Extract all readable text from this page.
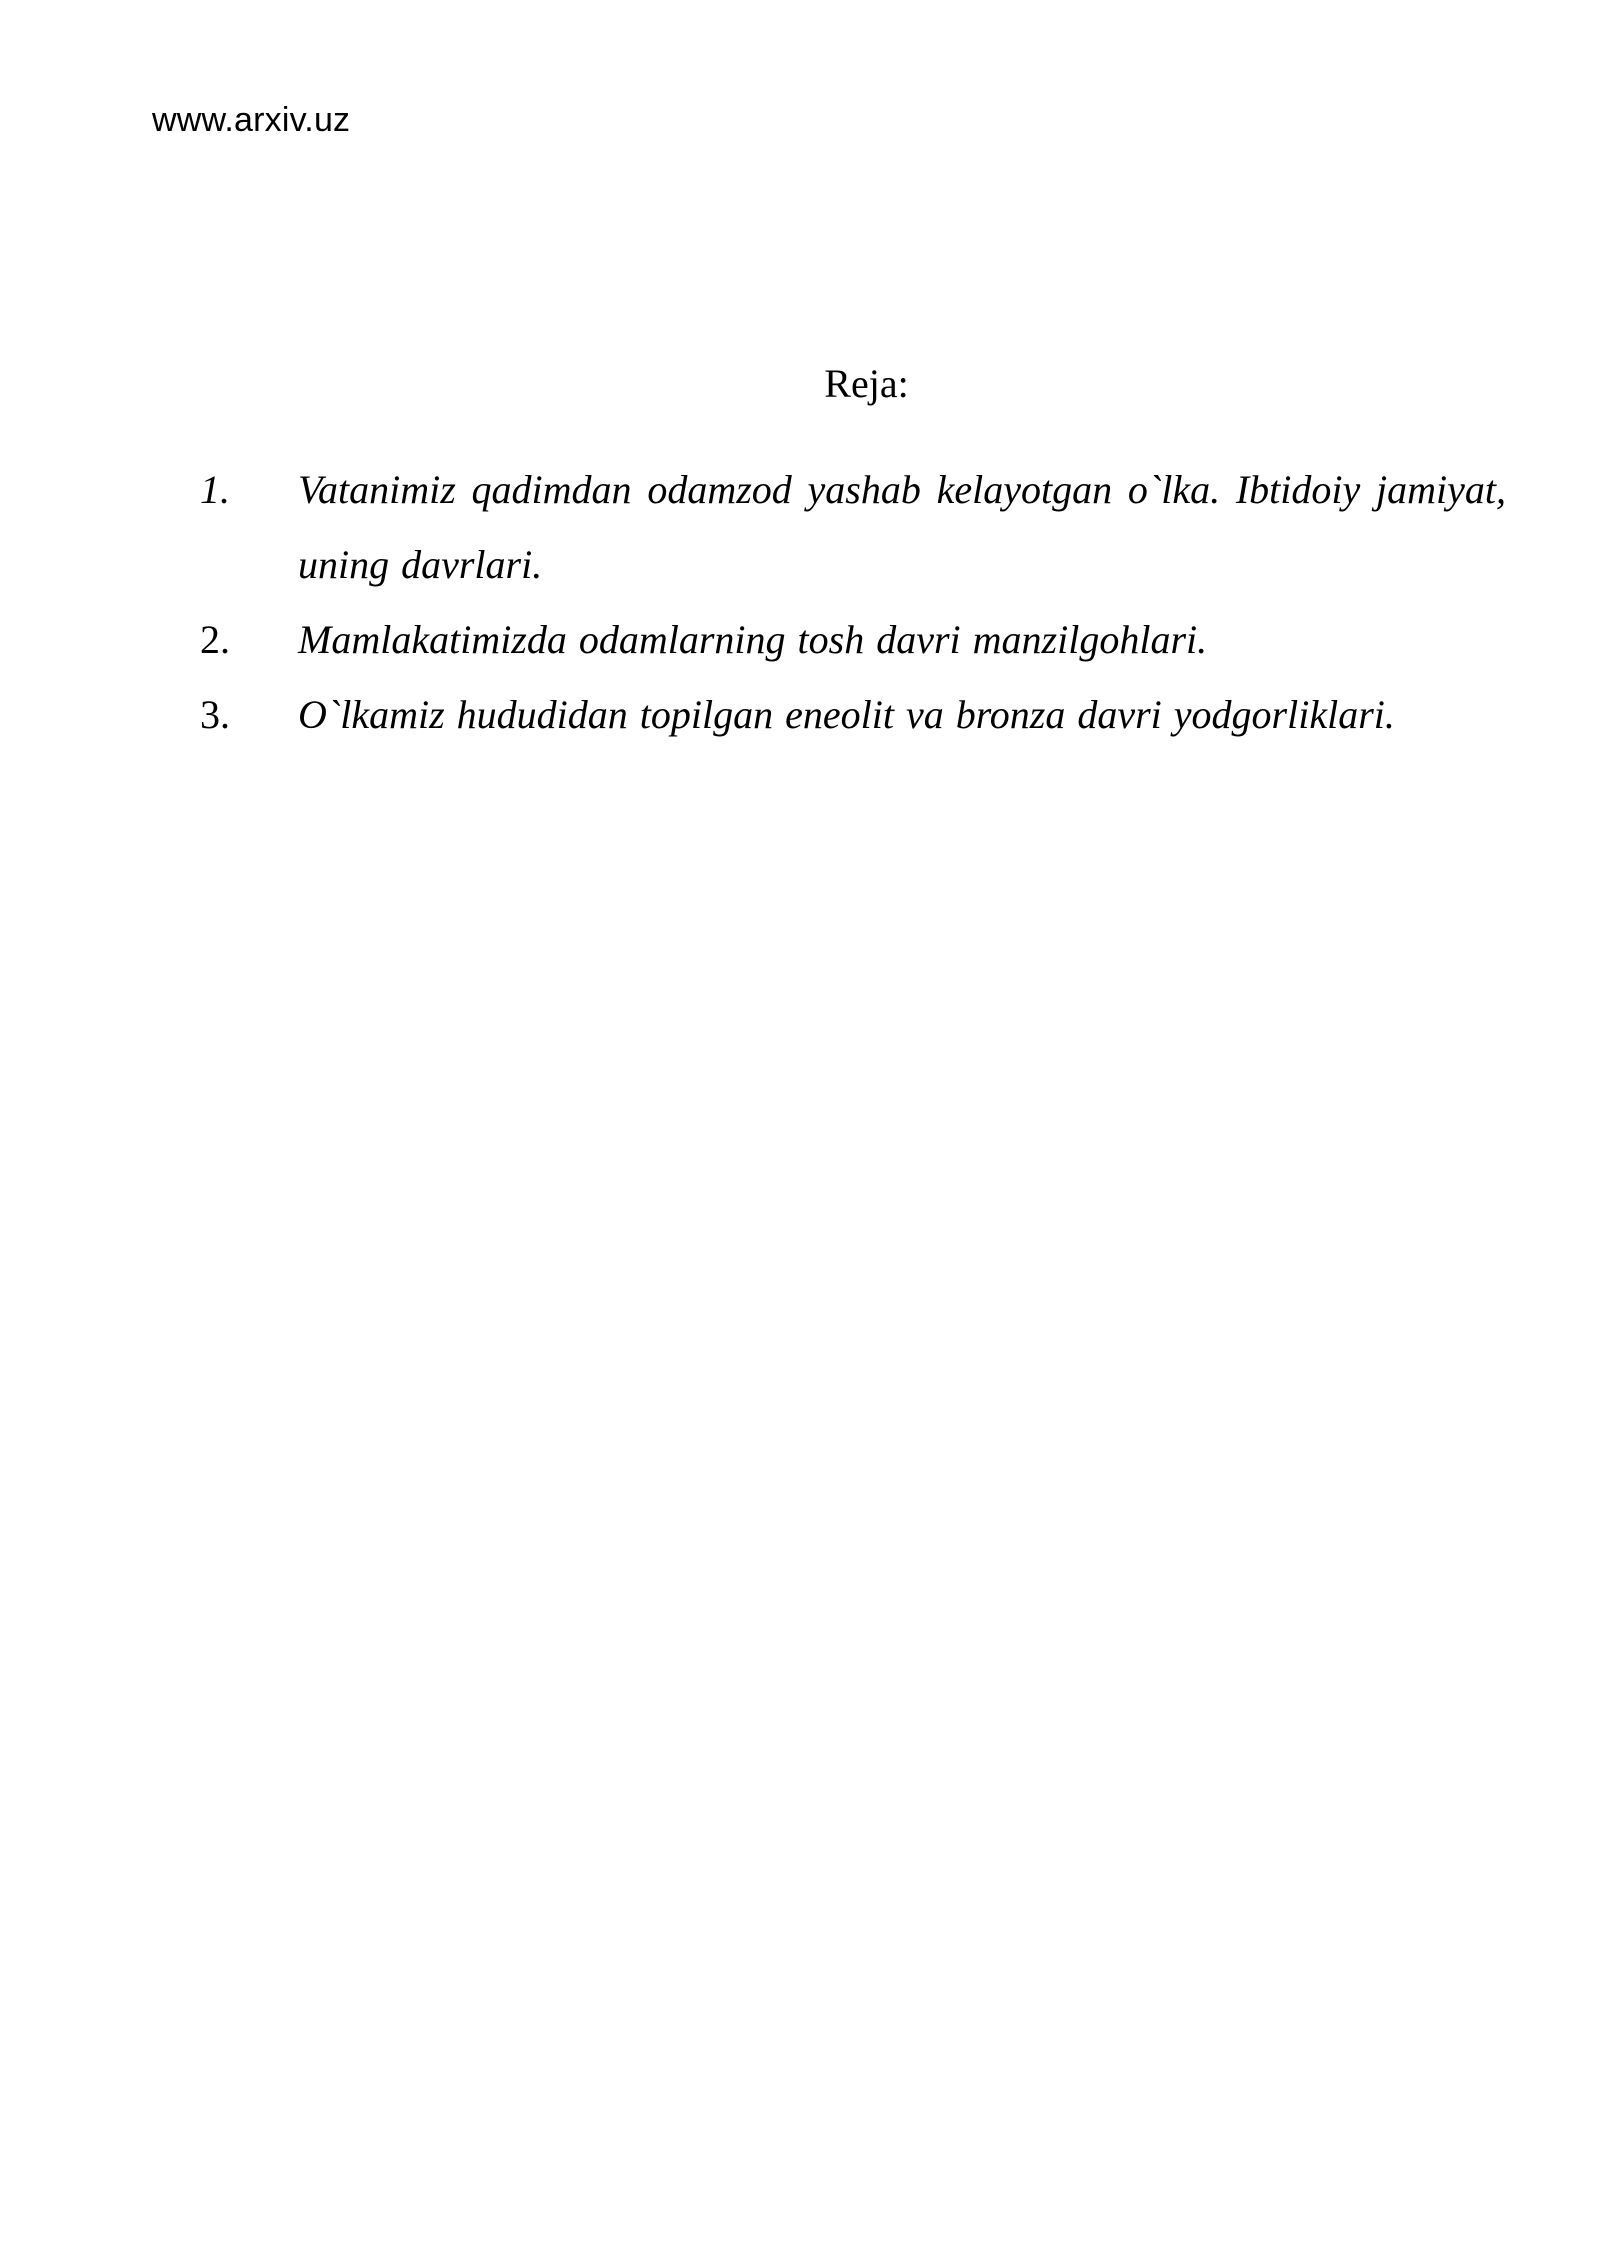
www.arxiv.uz
Reja:
1.	Vatanimiz qadimdan odamzod yashab kelayotgan o`lka. Ibtidoiy jamiyat, uning davrlari.
2.	Mamlakatimizda odamlarning tosh davri manzilgohlari.
3.	O`lkamiz hududidan topilgan eneolit va bronza davri yodgorliklari.
